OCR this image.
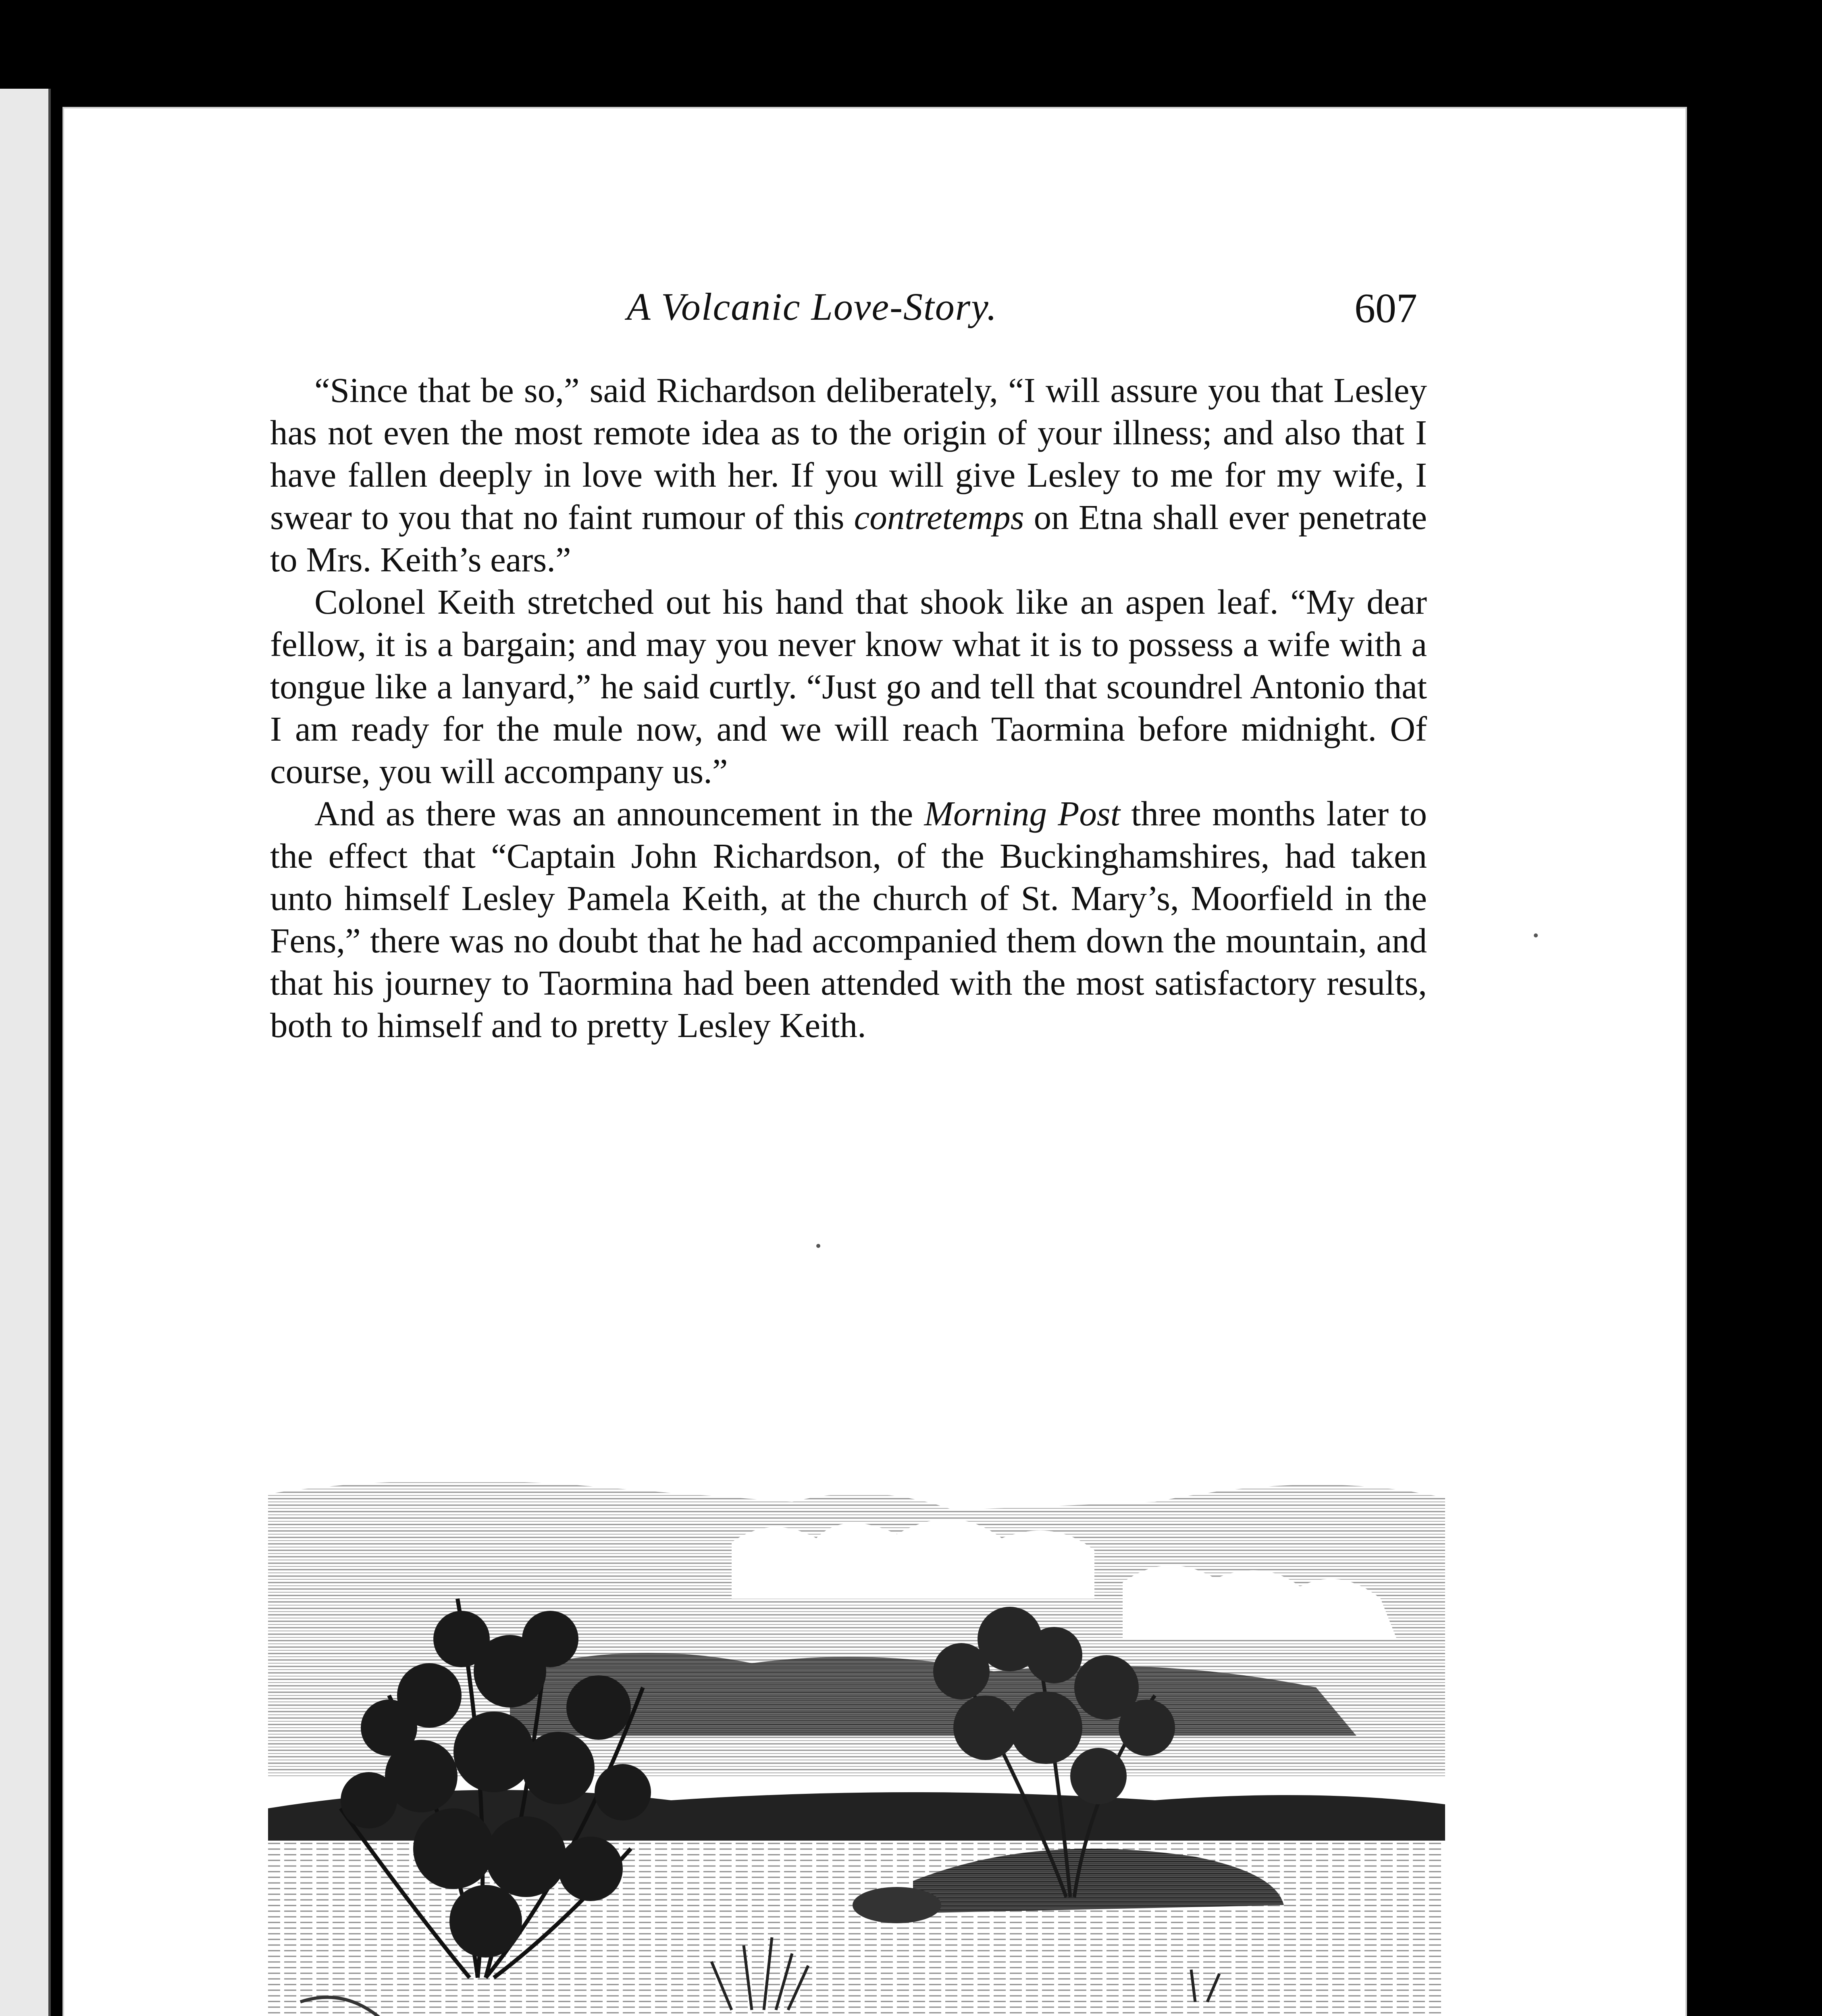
A Volcanic Love-Story.	607

“Since that be so,” said Richardson deliberately, “I will assure you that Lesley has not even the most remote idea as to the origin of your illness; and also that I have fallen deeply in love with her. If you will give Lesley to me for my wife, I swear to you that no faint rumour of this contretemps on Etna shall ever penetrate to Mrs. Keith’s ears.”

Colonel Keith stretched out his hand that shook like an aspen leaf. “My dear fellow, it is a bargain; and may you never know what it is to possess a wife with a tongue like a lanyard,” he said curtly. “Just go and tell that scoundrel Antonio that I am ready for the mule now, and we will reach Taormina before midnight. Of course, you will accompany us.”

And as there was an announcement in the Morning Post three months later to the effect that “Captain John Richardson, of the Buckinghamshires, had taken unto himself Lesley Pamela Keith, at the church of St. Mary’s, Moorfield in the Fens,” there was no doubt that he had accompanied them down the mountain, and that his journey to Taormina had been attended with the most satisfactory results, both to himself and to pretty Lesley Keith.
